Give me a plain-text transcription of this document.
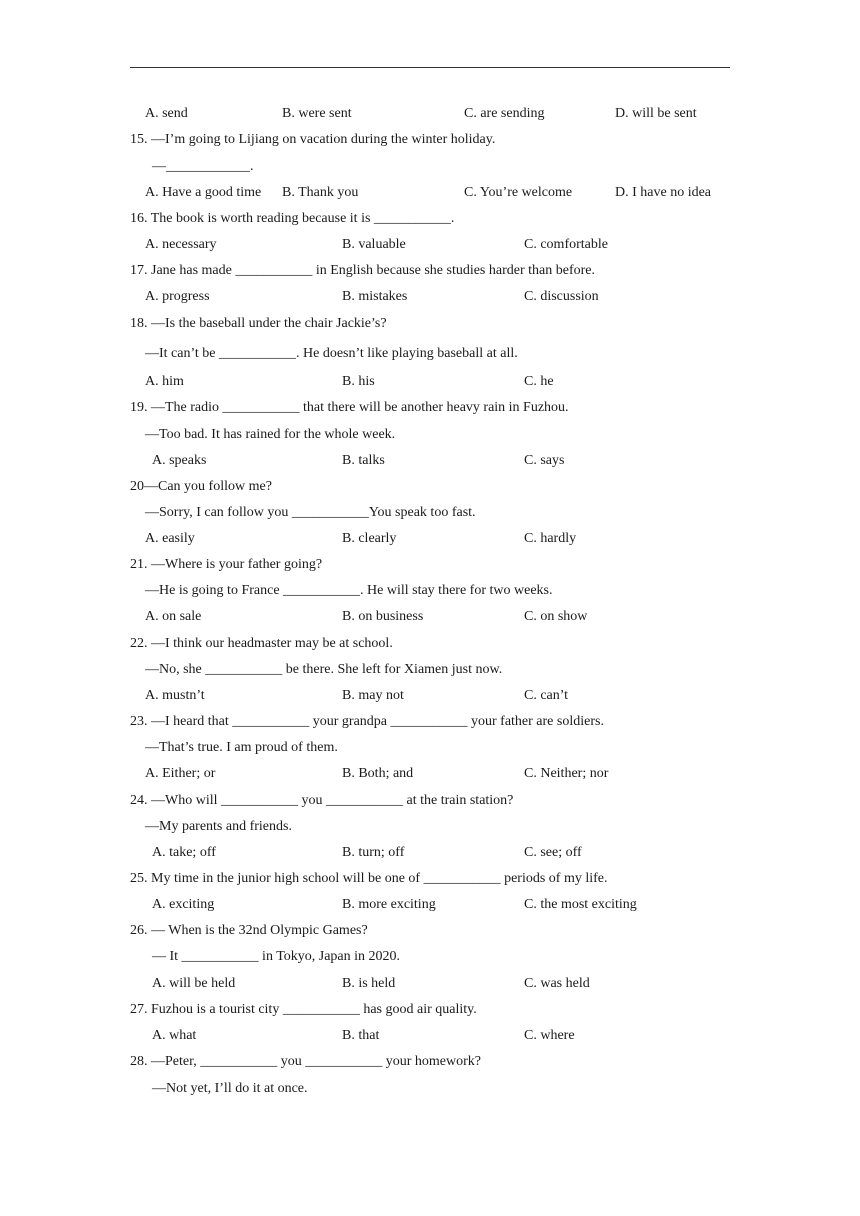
A. send	B. were sent	C. are sending	D. will be sent
15. —I’m going to Lijiang on vacation during the winter holiday.
—____________.
A. Have a good time B. Thank you	C. You’re welcome	D. I have no idea
16. The book is worth reading because it is ___________.
A. necessary	B. valuable	C. comfortable
17. Jane has made ___________ in English because she studies harder than before.
A. progress	B. mistakes	C. discussion
18. —Is the baseball under the chair Jackie’s?
—It can’t be ___________. He doesn’t like playing baseball at all.
A. him	B. his	C. he
19. —The radio ___________ that there will be another heavy rain in Fuzhou.
—Too bad. It has rained for the whole week.
A. speaks	B. talks	C. says
20—Can you follow me?
—Sorry, I can follow you ___________You speak too fast.
A. easily	B. clearly	C. hardly
21. —Where is your father going?
—He is going to France ___________. He will stay there for two weeks.
A. on sale	B. on business	C. on show
22. —I think our headmaster may be at school.
—No, she ___________ be there. She left for Xiamen just now.
A. mustn’t	B. may not	C. can’t
23. —I heard that ___________ your grandpa ___________ your father are soldiers.
—That’s true. I am proud of them.
A. Either; or	B. Both; and	C. Neither; nor
24. —Who will ___________ you ___________ at the train station?
—My parents and friends.
A. take; off	B. turn; off	C. see; off
25. My time in the junior high school will be one of ___________ periods of my life.
A. exciting	B. more exciting	C. the most exciting
26. — When is the 32nd Olympic Games?
— It ___________ in Tokyo, Japan in 2020.
A. will be held	B. is held	C. was held
27. Fuzhou is a tourist city ___________ has good air quality.
A. what	B. that	C. where
28. —Peter, ___________ you ___________ your homework?
—Not yet, I’ll do it at once.
